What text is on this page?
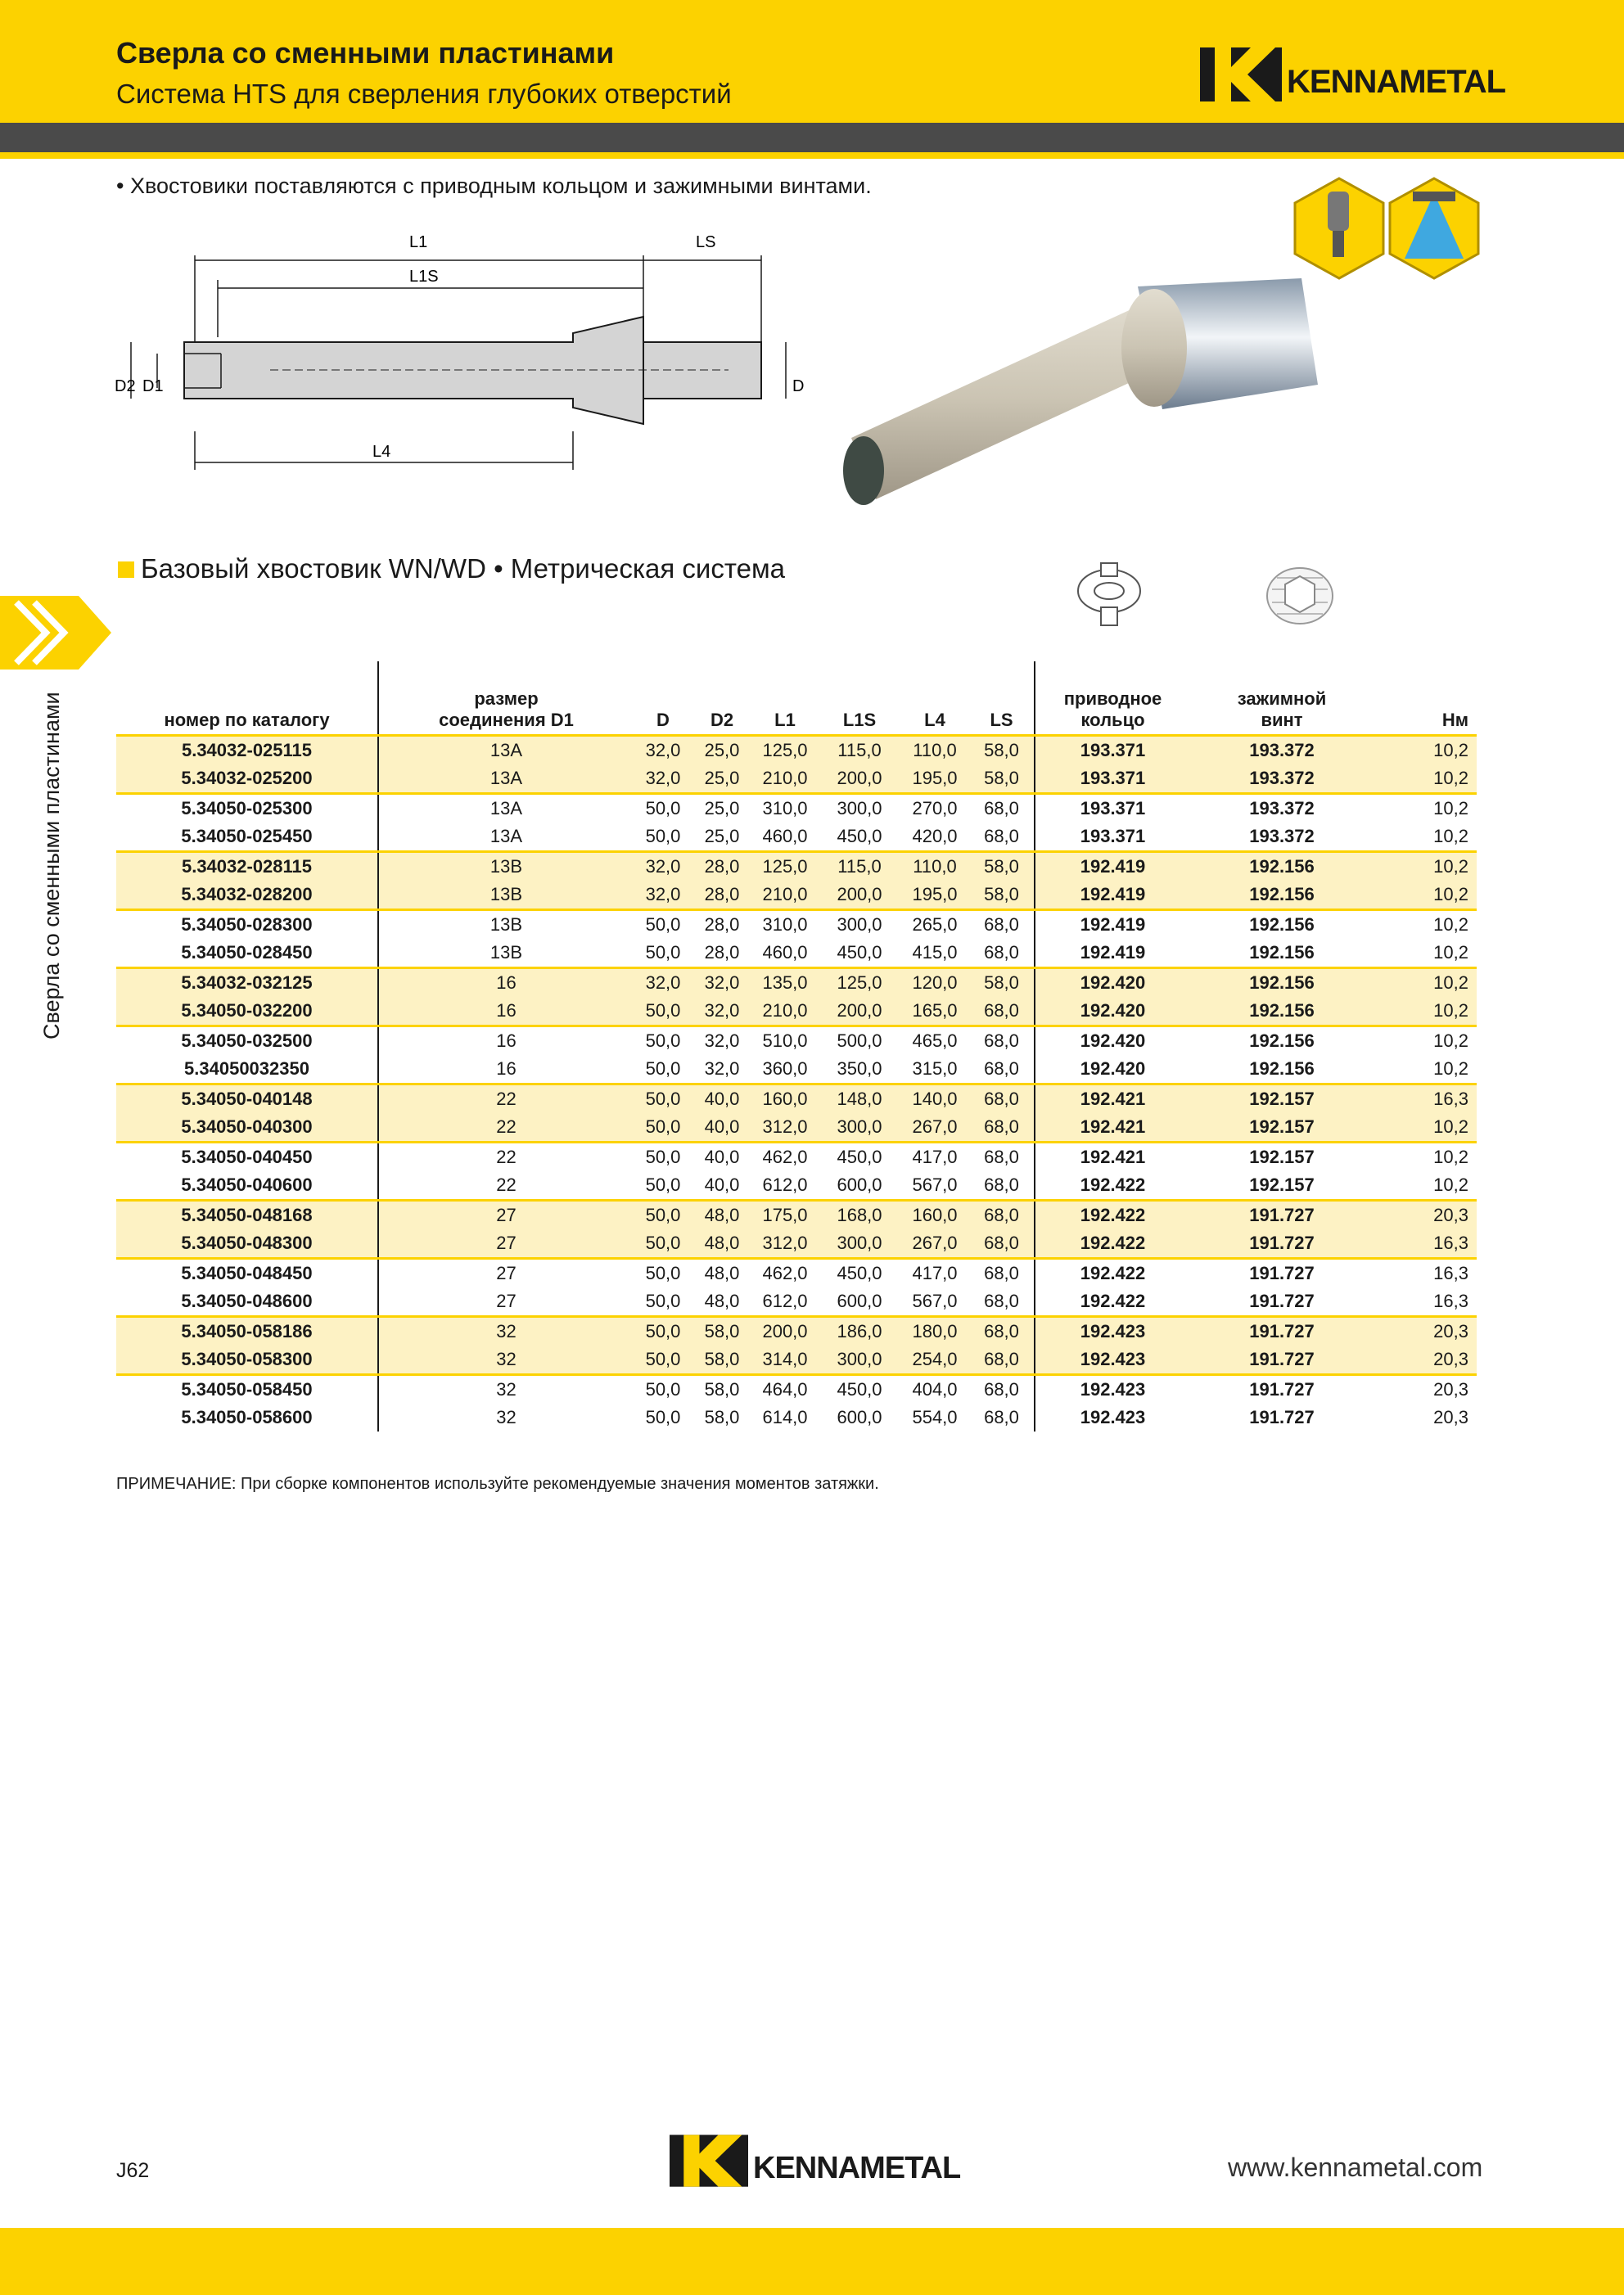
Сверла со сменными пластинами
Система HTS для сверления глубоких отверстий	KENNAMETAL
Сверла со сменными пластинами
• Хвостовики поставляются с приводным кольцом и зажимными винтами.
L1	LS
L1S
L4
D2 D1	D
Базовый хвостовик WN/WD • Метрическая система
номер по каталогу	размер
соединения D1	D	D2	L1	L1S	L4	LS	приводное
кольцо	зажимной
винт	Нм
5.34032-025115	13A	32,0	25,0	125,0	115,0	110,0	58,0	193.371	193.372	10,2
5.34032-025200	13A	32,0	25,0	210,0	200,0	195,0	58,0	193.371	193.372	10,2
5.34050-025300	13A	50,0	25,0	310,0	300,0	270,0	68,0	193.371	193.372	10,2
5.34050-025450	13A	50,0	25,0	460,0	450,0	420,0	68,0	193.371	193.372	10,2
5.34032-028115	13B	32,0	28,0	125,0	115,0	110,0	58,0	192.419	192.156	10,2
5.34032-028200	13B	32,0	28,0	210,0	200,0	195,0	58,0	192.419	192.156	10,2
5.34050-028300	13B	50,0	28,0	310,0	300,0	265,0	68,0	192.419	192.156	10,2
5.34050-028450	13B	50,0	28,0	460,0	450,0	415,0	68,0	192.419	192.156	10,2
5.34032-032125	16	32,0	32,0	135,0	125,0	120,0	58,0	192.420	192.156	10,2
5.34050-032200	16	50,0	32,0	210,0	200,0	165,0	68,0	192.420	192.156	10,2
5.34050-032500	16	50,0	32,0	510,0	500,0	465,0	68,0	192.420	192.156	10,2
5.34050032350	16	50,0	32,0	360,0	350,0	315,0	68,0	192.420	192.156	10,2
5.34050-040148	22	50,0	40,0	160,0	148,0	140,0	68,0	192.421	192.157	16,3
5.34050-040300	22	50,0	40,0	312,0	300,0	267,0	68,0	192.421	192.157	10,2
5.34050-040450	22	50,0	40,0	462,0	450,0	417,0	68,0	192.421	192.157	10,2
5.34050-040600	22	50,0	40,0	612,0	600,0	567,0	68,0	192.422	192.157	10,2
5.34050-048168	27	50,0	48,0	175,0	168,0	160,0	68,0	192.422	191.727	20,3
5.34050-048300	27	50,0	48,0	312,0	300,0	267,0	68,0	192.422	191.727	16,3
5.34050-048450	27	50,0	48,0	462,0	450,0	417,0	68,0	192.422	191.727	16,3
5.34050-048600	27	50,0	48,0	612,0	600,0	567,0	68,0	192.422	191.727	16,3
5.34050-058186	32	50,0	58,0	200,0	186,0	180,0	68,0	192.423	191.727	20,3
5.34050-058300	32	50,0	58,0	314,0	300,0	254,0	68,0	192.423	191.727	20,3
5.34050-058450	32	50,0	58,0	464,0	450,0	404,0	68,0	192.423	191.727	20,3
5.34050-058600	32	50,0	58,0	614,0	600,0	554,0	68,0	192.423	191.727	20,3
ПРИМЕЧАНИЕ: При сборке компонентов используйте рекомендуемые значения моментов затяжки.
J62	KENNAMETAL	www.kennametal.com
